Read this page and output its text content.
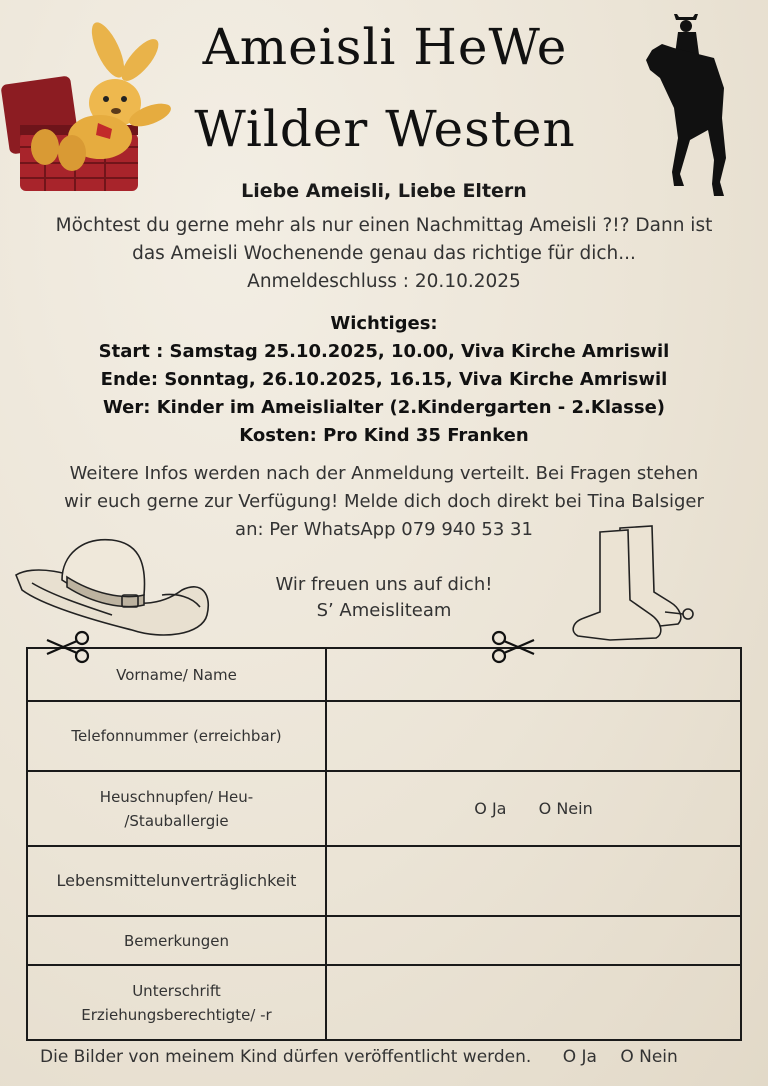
Ameisli HeWe
Wilder Westen
Liebe Ameisli, Liebe Eltern
Möchtest du gerne mehr als nur einen Nachmittag Ameisli ?!? Dann ist
das Ameisli Wochenende genau das richtige für dich...
Anmeldeschluss : 20.10.2025
Wichtiges:
Start : Samstag 25.10.2025, 10.00, Viva Kirche Amriswil
Ende: Sonntag, 26.10.2025, 16.15, Viva Kirche Amriswil
Wer: Kinder im Ameislialter (2.Kindergarten - 2.Klasse)
Kosten: Pro Kind 35 Franken
Weitere Infos werden nach der Anmeldung verteilt. Bei Fragen stehen
wir euch gerne zur Verfügung! Melde dich doch direkt bei Tina Balsiger
an: Per WhatsApp 079 940 53 31
Wir freuen uns auf dich!
S’ Ameisliteam
Vorname/ Name	
Telefonnummer (erreichbar)	

Heuschnupfen/ Heu-
/Stauballergie	O Ja O Nein
Lebensmittelunverträglichkeit	
Bemerkungen	

Unterschrift
Erziehungsberechtigte/ -r	

Die Bilder von meinem Kind dürfen veröffentlicht werden. O Ja O Nein
